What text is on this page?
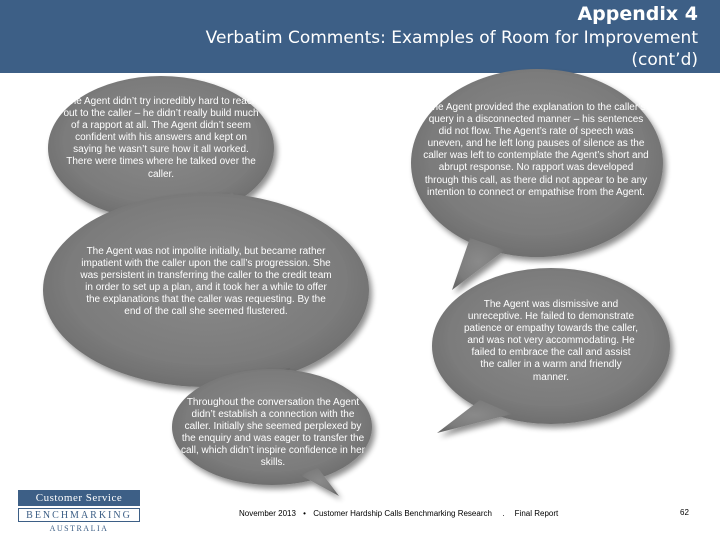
Appendix 4
Verbatim Comments: Examples of Room for Improvement (cont’d)
The Agent didn’t try incredibly hard to reach out to the caller – he didn’t really build much of a rapport at all. The Agent didn’t seem confident with his answers and kept on saying he wasn’t sure how it all worked. There were times where he talked over the caller.
The Agent provided the explanation to the caller’s query in a disconnected manner – his sentences did not flow. The Agent’s rate of speech was uneven, and he left long pauses of silence as the caller was left to contemplate the Agent’s short and abrupt response. No rapport was developed through this call, as there did not appear to be any intention to connect or empathise from the Agent.
The Agent was not impolite initially, but became rather impatient with the caller upon the call’s progression. She was persistent in transferring the caller to the credit team in order to set up a plan, and it took her a while to offer the explanations that the caller was requesting. By the end of the call she seemed flustered.
The Agent was dismissive and unreceptive. He failed to demonstrate patience or empathy towards the caller, and was not very accommodating. He failed to embrace the call and assist the caller in a warm and friendly manner.
Throughout the conversation the Agent didn’t establish a connection with the caller. Initially she seemed perplexed by the enquiry and was eager to transfer the call, which didn’t inspire confidence in her skills.
Customer Service
BENCHMARKING
AUSTRALIA
November 2013 • Customer Hardship Calls Benchmarking Research . Final Report	62
